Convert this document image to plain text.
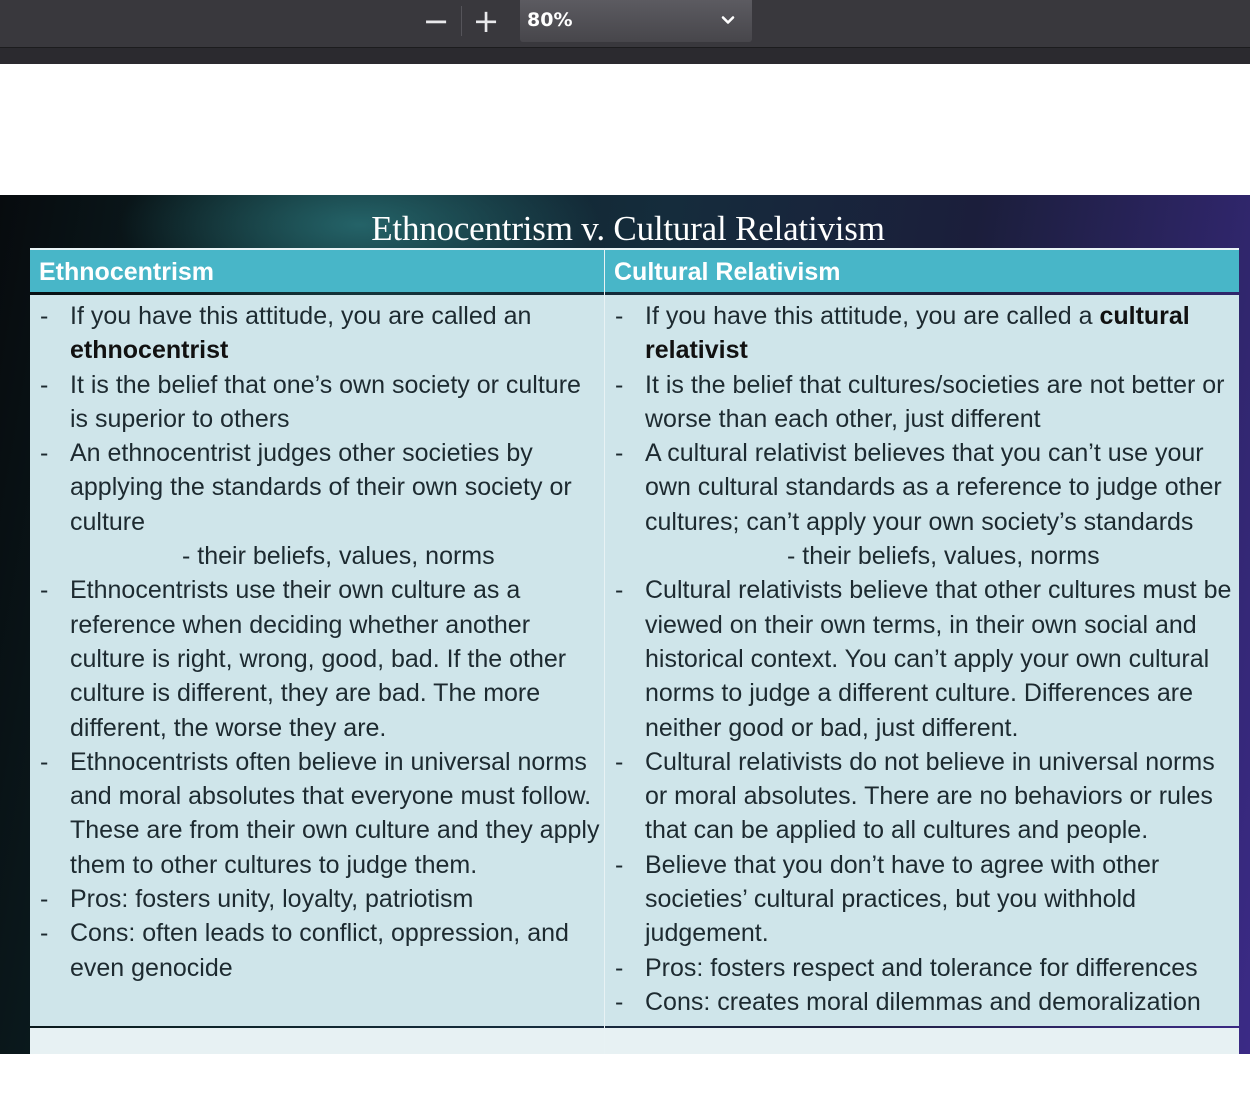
− +	80%
Ethnocentrism v. Cultural Relativism
Ethnocentrism
- If you have this attitude, you are called an ethnocentrist
- It is the belief that one’s own society or culture is superior to others
- An ethnocentrist judges other societies by applying the standards of their own society or culture
- their beliefs, values, norms
- Ethnocentrists use their own culture as a reference when deciding whether another culture is right, wrong, good, bad. If the other culture is different, they are bad. The more different, the worse they are.
- Ethnocentrists often believe in universal norms and moral absolutes that everyone must follow. These are from their own culture and they apply them to other cultures to judge them.
- Pros: fosters unity, loyalty, patriotism
- Cons: often leads to conflict, oppression, and even genocide
Cultural Relativism
- If you have this attitude, you are called a cultural relativist
- It is the belief that cultures/societies are not better or worse than each other, just different
- A cultural relativist believes that you can’t use your own cultural standards as a reference to judge other cultures; can’t apply your own society’s standards
- their beliefs, values, norms
- Cultural relativists believe that other cultures must be viewed on their own terms, in their own social and historical context. You can’t apply your own cultural norms to judge a different culture. Differences are neither good or bad, just different.
- Cultural relativists do not believe in universal norms or moral absolutes. There are no behaviors or rules that can be applied to all cultures and people.
- Believe that you don’t have to agree with other societies’ cultural practices, but you withhold judgement.
- Pros: fosters respect and tolerance for differences
- Cons: creates moral dilemmas and demoralization
